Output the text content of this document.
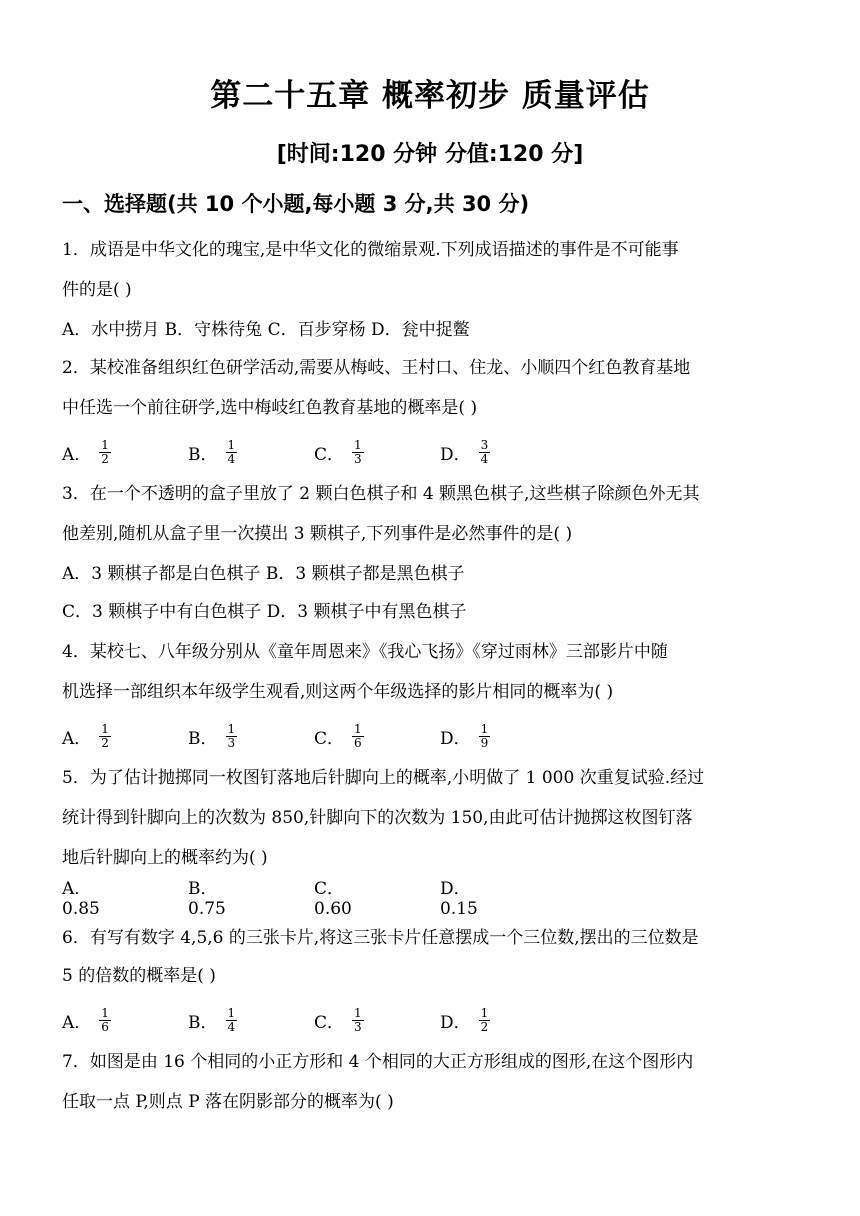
第二十五章 概率初步 质量评估
[时间:120 分钟 分值:120 分]
一、选择题(共 10 个小题,每小题 3 分,共 30 分)
1．成语是中华文化的瑰宝,是中华文化的微缩景观.下列成语描述的事件是不可能事
件的是( )
A．水中捞月 B．守株待兔 C．百步穿杨 D．瓮中捉鳖
2．某校准备组织红色研学活动,需要从梅岐、王村口、住龙、小顺四个红色教育基地
中任选一个前往研学,选中梅岐红色教育基地的概率是( )
A． $\frac{1}{2}$	B． $\frac{1}{4}$	C． $\frac{1}{3}$	D． $\frac{3}{4}$
3．在一个不透明的盒子里放了 2 颗白色棋子和 4 颗黑色棋子,这些棋子除颜色外无其
他差别,随机从盒子里一次摸出 3 颗棋子,下列事件是必然事件的是( )
A．3 颗棋子都是白色棋子 B．3 颗棋子都是黑色棋子
C．3 颗棋子中有白色棋子 D．3 颗棋子中有黑色棋子
4．某校七、八年级分别从《童年周恩来》《我心飞扬》《穿过雨林》三部影片中随
机选择一部组织本年级学生观看,则这两个年级选择的影片相同的概率为( )
A． $\frac{1}{2}$	B． $\frac{1}{3}$	C． $\frac{1}{6}$	D． $\frac{1}{9}$
5．为了估计抛掷同一枚图钉落地后针脚向上的概率,小明做了 1 000 次重复试验.经过
统计得到针脚向上的次数为 850,针脚向下的次数为 150,由此可估计抛掷这枚图钉落
地后针脚向上的概率约为( )
A．0.85
B．0.75
C．0.60
D．0.15
6．有写有数字 4,5,6 的三张卡片,将这三张卡片任意摆成一个三位数,摆出的三位数是
5 的倍数的概率是( )
A． $\frac{1}{6}$	B． $\frac{1}{4}$	C． $\frac{1}{3}$	D． $\frac{1}{2}$
7．如图是由 16 个相同的小正方形和 4 个相同的大正方形组成的图形,在这个图形内
任取一点 P,则点 P 落在阴影部分的概率为( )
